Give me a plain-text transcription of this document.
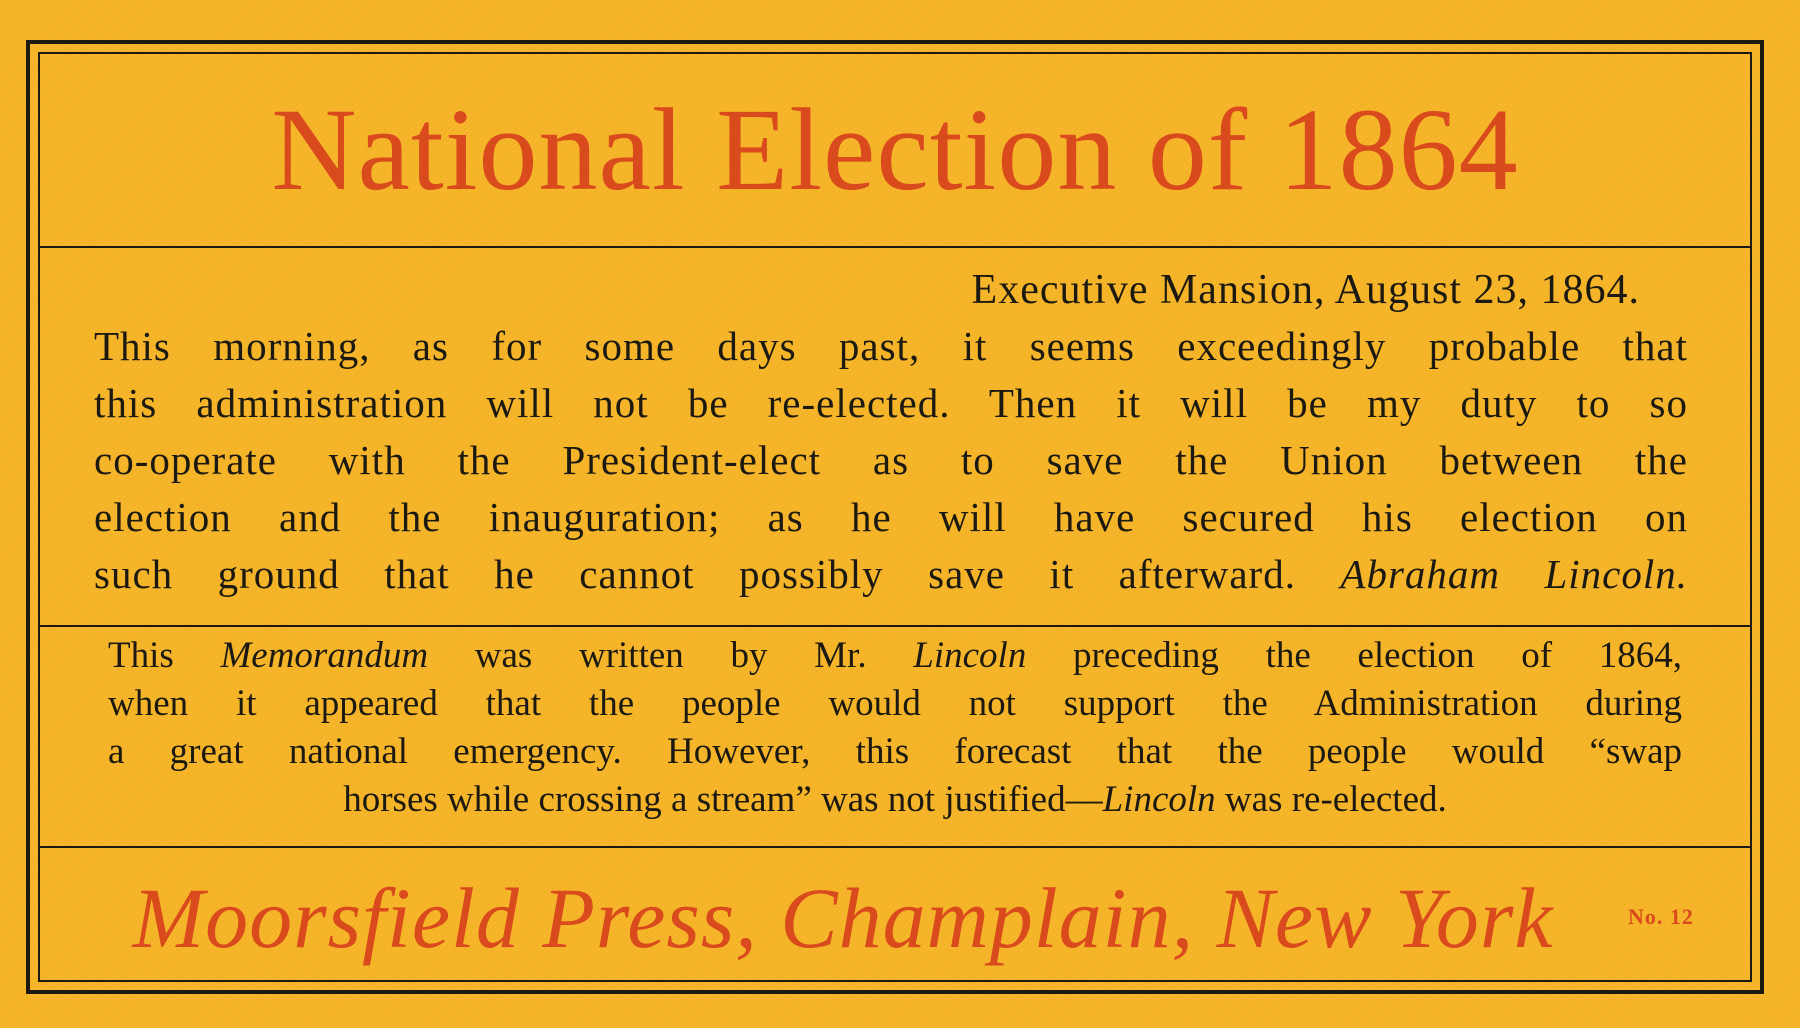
National Election of 1864
Executive Mansion, August 23, 1864.
This morning, as for some days past, it seems exceedingly probable that
this administration will not be re-elected. Then it will be my duty to so
co-operate with the President-elect as to save the Union between the
election and the inauguration; as he will have secured his election on
such ground that he cannot possibly save it afterward. Abraham Lincoln.
This Memorandum was written by Mr. Lincoln preceding the election of 1864,
when it appeared that the people would not support the Administration during
a great national emergency. However, this forecast that the people would “swap
horses while crossing a stream” was not justified—Lincoln was re-elected.
Moorsfield Press, Champlain, New York	No. 12
